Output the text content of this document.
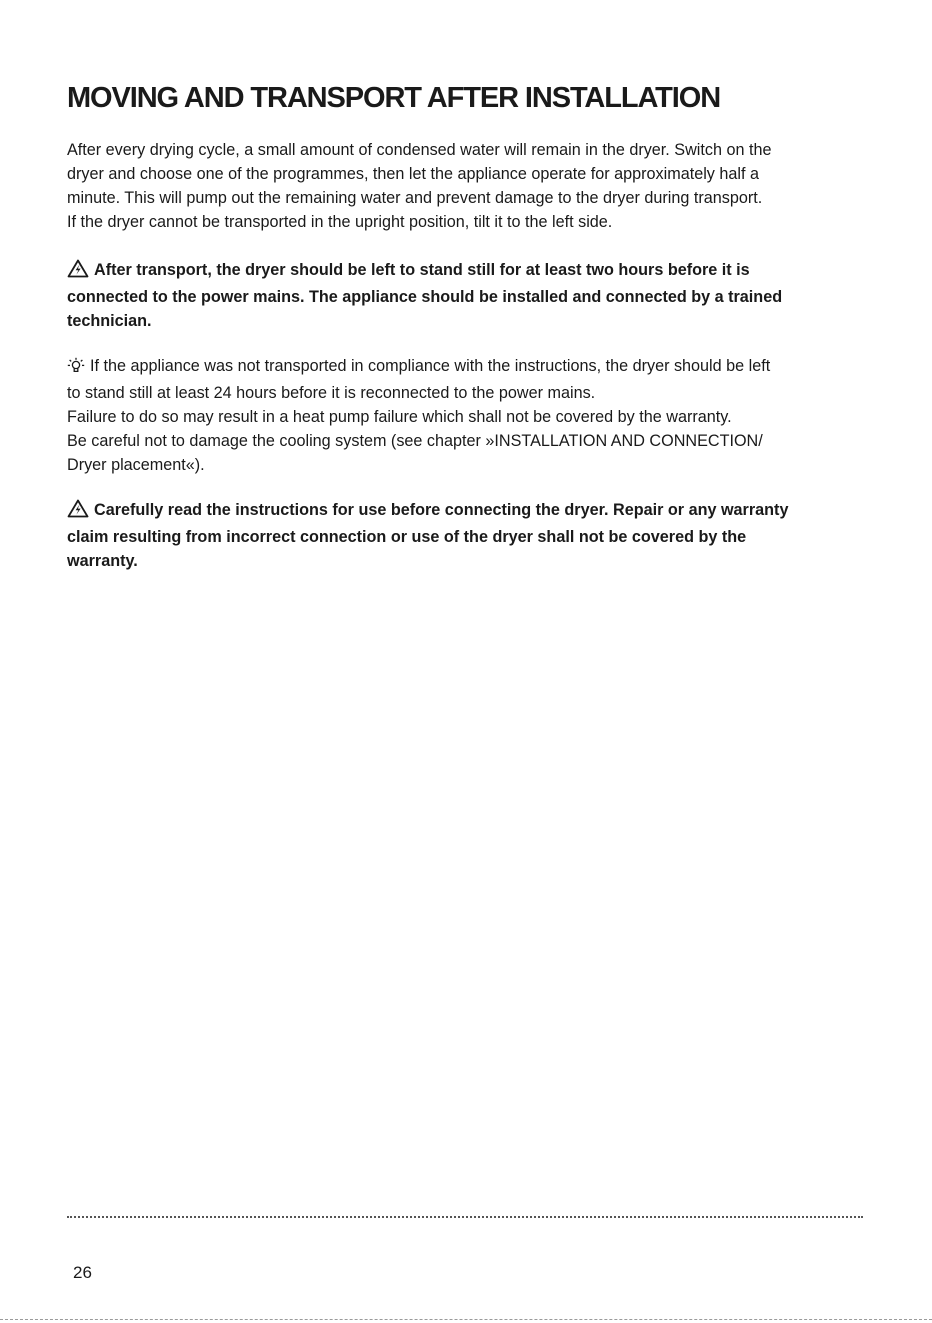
MOVING AND TRANSPORT AFTER INSTALLATION

After every drying cycle, a small amount of condensed water will remain in the dryer. Switch on the
dryer and choose one of the programmes, then let the appliance operate for approximately half a
minute. This will pump out the remaining water and prevent damage to the dryer during transport.
If the dryer cannot be transported in the upright position, tilt it to the left side.

After transport, the dryer should be left to stand still for at least two hours before it is
connected to the power mains. The appliance should be installed and connected by a trained
technician.

If the appliance was not transported in compliance with the instructions, the dryer should be left
to stand still at least 24 hours before it is reconnected to the power mains.
Failure to do so may result in a heat pump failure which shall not be covered by the warranty.
Be careful not to damage the cooling system (see chapter »INSTALLATION AND CONNECTION/
Dryer placement«).

Carefully read the instructions for use before connecting the dryer. Repair or any warranty
claim resulting from incorrect connection or use of the dryer shall not be covered by the
warranty.

26
